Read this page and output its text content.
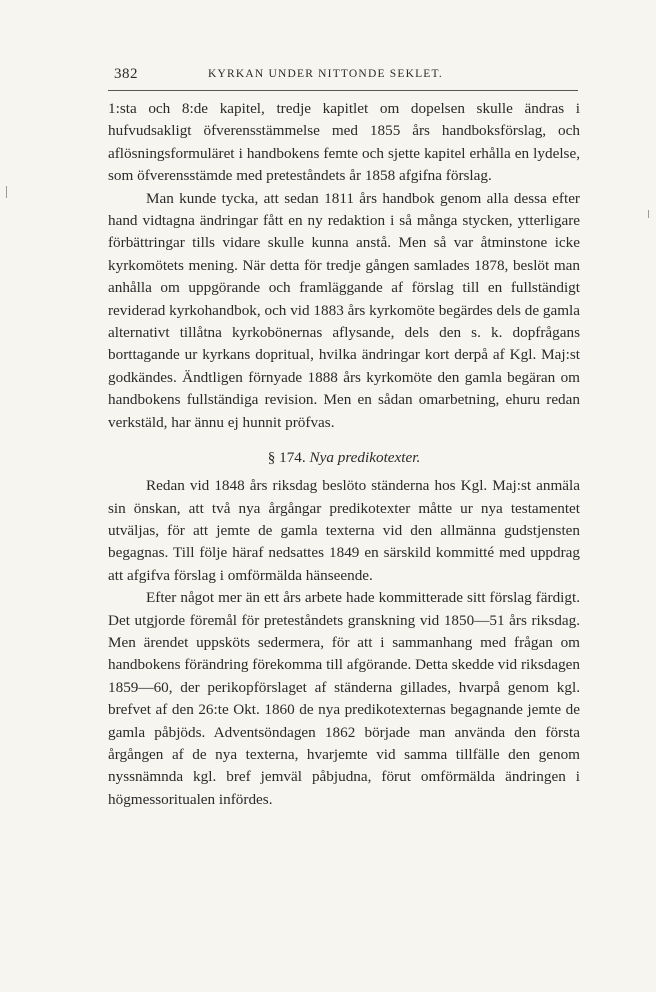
382	KYRKAN UNDER NITTONDE SEKLET.

1:sta och 8:de kapitel, tredje kapitlet om dopelsen skulle ändras i hufvudsakligt öfverensstämmelse med 1855 års handboksförslag, och aflösningsformuläret i handbokens femte och sjette kapitel erhålla en lydelse, som öfverensstämde med preteståndets år 1858 afgifna förslag.

Man kunde tycka, att sedan 1811 års handbok genom alla dessa efter hand vidtagna ändringar fått en ny redaktion i så många stycken, ytterligare förbättringar tills vidare skulle kunna anstå. Men så var åtminstone icke kyrkomötets mening. När detta för tredje gången samlades 1878, beslöt man anhålla om uppgörande och framläggande af förslag till en fullständigt reviderad kyrkohandbok, och vid 1883 års kyrkomöte begärdes dels de gamla alternativt tillåtna kyrkobönernas aflysande, dels den s. k. dopfrågans borttagande ur kyrkans dopritual, hvilka ändringar kort derpå af Kgl. Maj:st godkändes. Ändtligen förnyade 1888 års kyrkomöte den gamla begäran om handbokens fullständiga revision. Men en sådan omarbetning, ehuru redan verkstäld, har ännu ej hunnit pröfvas.

§ 174. Nya predikotexter.

Redan vid 1848 års riksdag beslöto ständerna hos Kgl. Maj:st anmäla sin önskan, att två nya årgångar predikotexter måtte ur nya testamentet utväljas, för att jemte de gamla texterna vid den allmänna gudstjensten begagnas. Till följe häraf nedsattes 1849 en särskild kommitté med uppdrag att afgifva förslag i omförmälda hänseende.

Efter något mer än ett års arbete hade kommitterade sitt förslag färdigt. Det utgjorde föremål för preteståndets granskning vid 1850—51 års riksdag. Men ärendet uppsköts sedermera, för att i sammanhang med frågan om handbokens förändring förekomma till afgörande. Detta skedde vid riksdagen 1859—60, der perikopförslaget af ständerna gillades, hvarpå genom kgl. brefvet af den 26:te Okt. 1860 de nya predikotexternas begagnande jemte de gamla påbjöds. Adventsöndagen 1862 började man använda den första årgången af de nya texterna, hvarjemte vid samma tillfälle den genom nyssnämnda kgl. bref jemväl påbjudna, förut omförmälda ändringen i högmessoritualen infördes.
